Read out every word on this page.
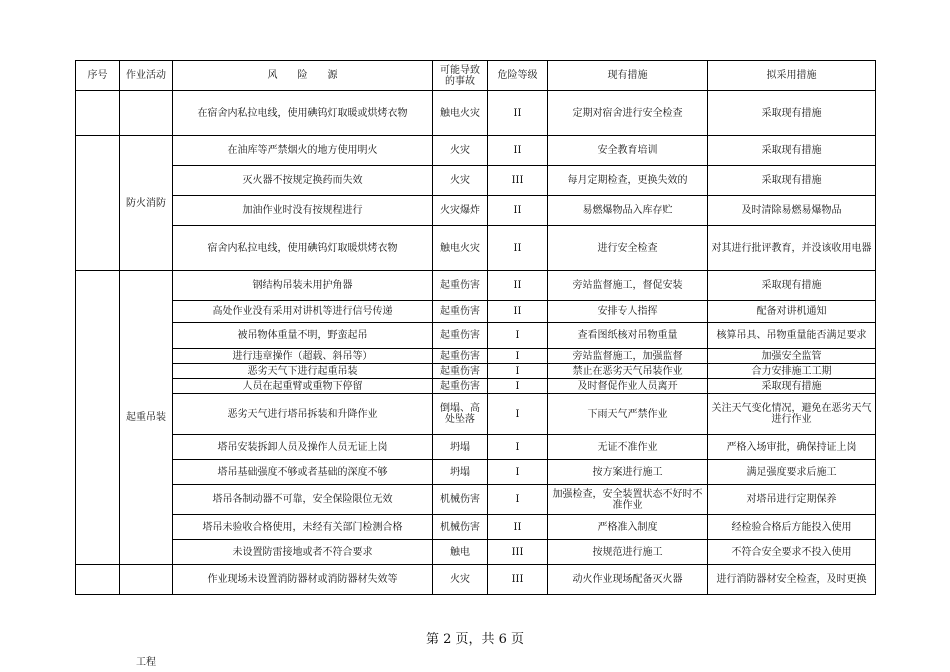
序号	作业活动	风　　险　　源	可能导致的事故	危险等级	现有措施	拟采用措施
		在宿舍内私拉电线，使用碘钨灯取暖或烘烤衣物	触电火灾	II	定期对宿舍进行安全检查	采取现有措施
	防火消防	在油库等严禁烟火的地方使用明火	火灾	II	安全教育培训	采取现有措施
		灭火器不按规定换药而失效	火灾	III	每月定期检查，更换失效的	采取现有措施
		加油作业时没有按规程进行	火灾爆炸	II	易燃爆物品入库存贮	及时清除易燃易爆物品
		宿舍内私拉电线，使用碘钨灯取暖烘烤衣物	触电火灾	II	进行安全检查	对其进行批评教育，并没该收用电器
	起重吊装	钢结构吊装未用护角器	起重伤害	II	旁站监督施工，督促安装	采取现有措施
		高处作业没有采用对讲机等进行信号传递	起重伤害	II	安排专人指挥	配备对讲机通知
		被吊物体重量不明，野蛮起吊	起重伤害	I	查看图纸核对吊物重量	核算吊具、吊物重量能否满足要求
		进行违章操作（超载、斜吊等）	起重伤害	I	旁站监督施工，加强监督	加强安全监管
		恶劣天气下进行起重吊装	起重伤害	I	禁止在恶劣天气吊装作业	合力安排施工工期
		人员在起重臂或重物下停留	起重伤害	I	及时督促作业人员离开	采取现有措施
		恶劣天气进行塔吊拆装和升降作业	倒塌、高处坠落	I	下雨天气严禁作业	关注天气变化情况，避免在恶劣天气进行作业
		塔吊安装拆卸人员及操作人员无证上岗	坍塌	I	无证不准作业	严格入场审批，确保持证上岗
		塔吊基础强度不够或者基础的深度不够	坍塌	I	按方案进行施工	满足强度要求后施工
		塔吊各制动器不可靠，安全保险限位无效	机械伤害	I	加强检查，安全装置状态不好时不准作业	对塔吊进行定期保养
		塔吊未验收合格使用，未经有关部门检测合格	机械伤害	II	严格准入制度	经检验合格后方能投入使用
		未设置防雷接地或者不符合要求	触电	III	按规范进行施工	不符合安全要求不投入使用
		作业现场未设置消防器材或消防器材失效等	火灾	III	动火作业现场配备灭火器	进行消防器材安全检查，及时更换
第 2 页，共 6 页
工程
